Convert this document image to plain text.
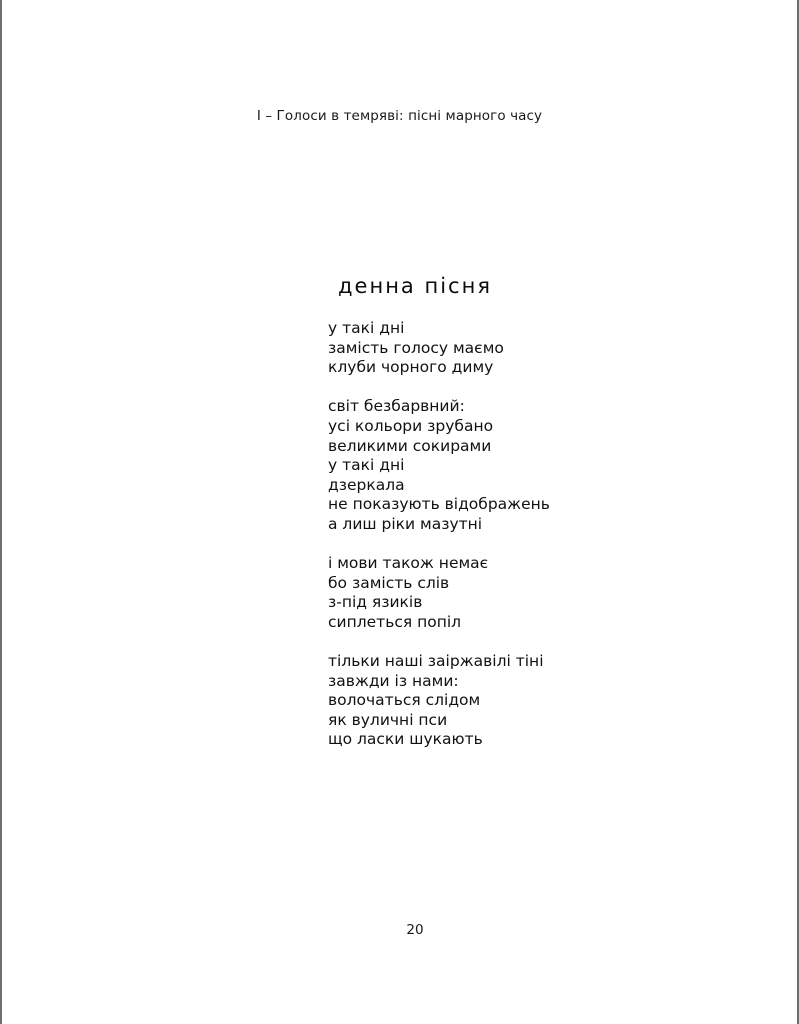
I – Голоси в темряві: пісні марного часу
денна пісня
у такі дні
замість голосу маємо
клуби чорного диму
світ безбарвний:
усі кольори зрубано
великими сокирами
у такі дні
дзеркала
не показують відображень
а лиш ріки мазутні
і мови також немає
бо замість слів
з-під язиків
сиплеться попіл
тільки наші заіржавілі тіні
завжди із нами:
волочаться слідом
як вуличні пси
що ласки шукають
20
